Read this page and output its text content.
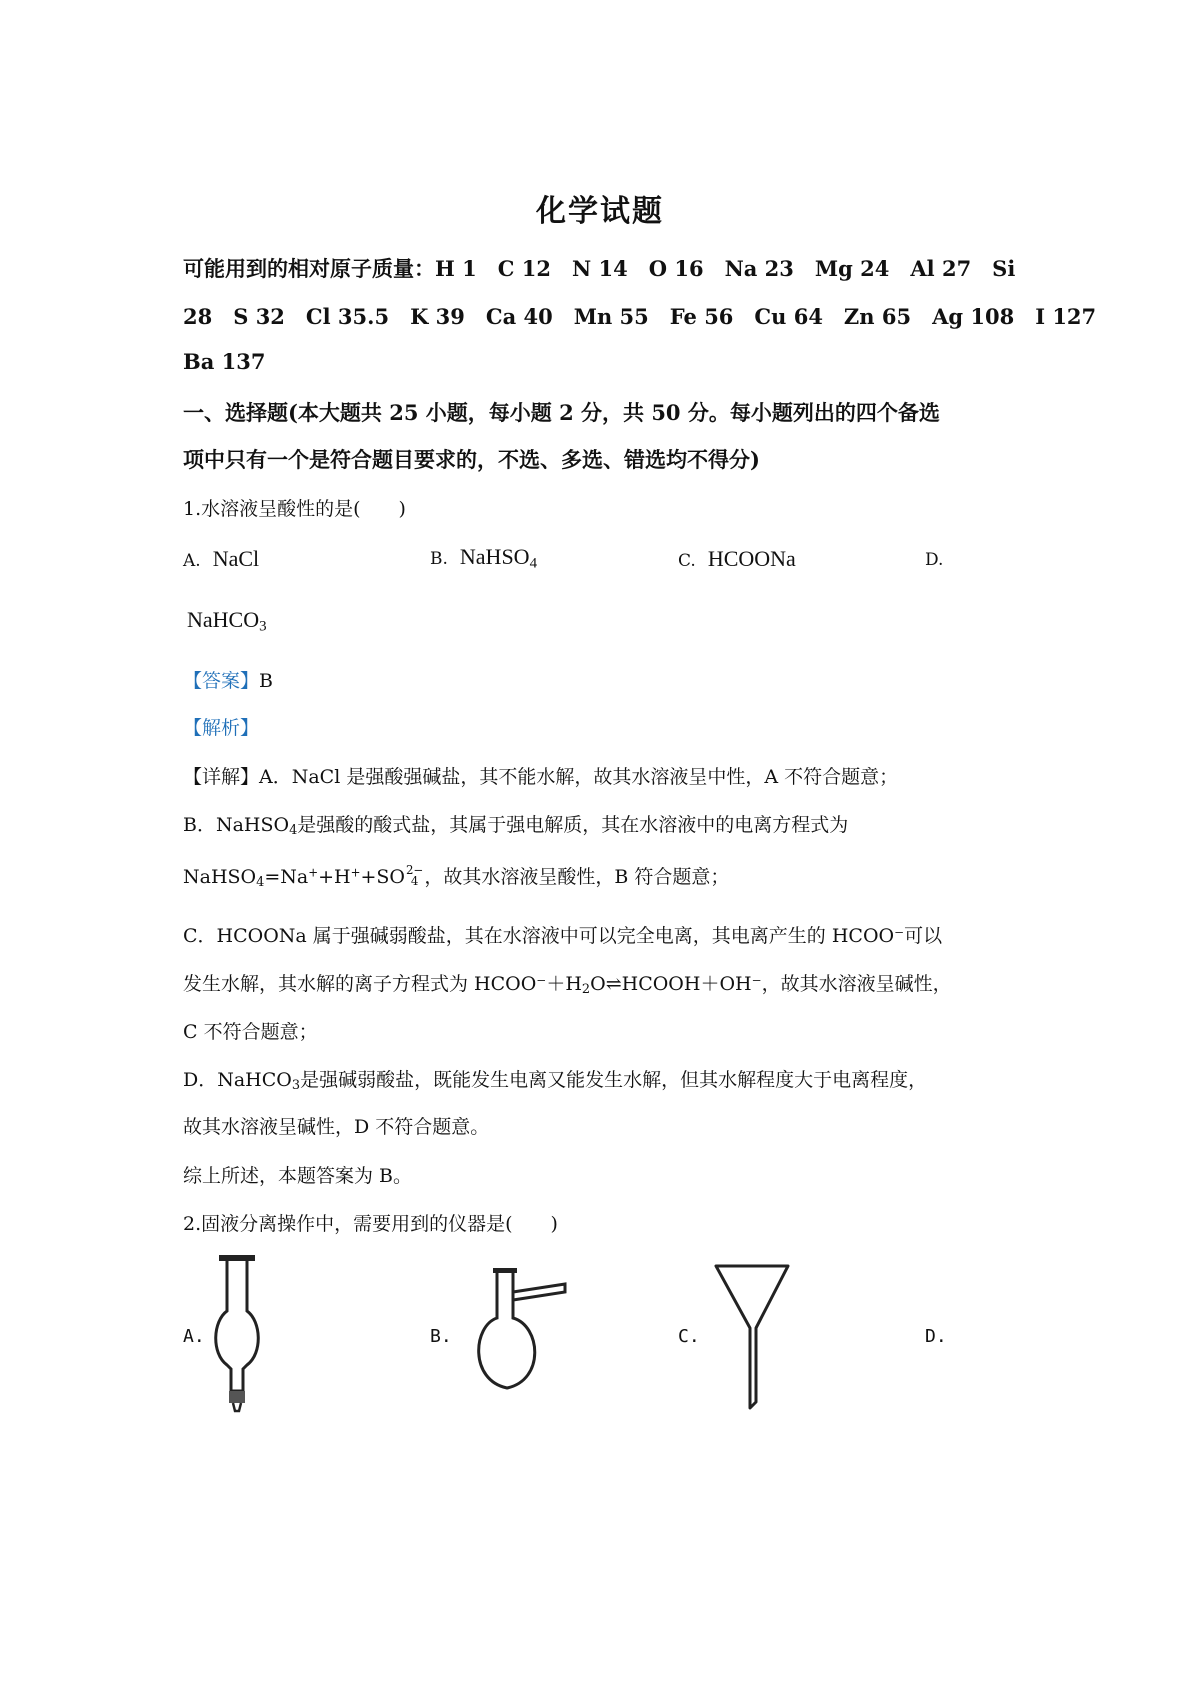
化学试题
可能用到的相对原子质量：H 1　C 12　N 14　O 16　Na 23　Mg 24　Al 27　Si
28　S 32　Cl 35.5　K 39　Ca 40　Mn 55　Fe 56　Cu 64　Zn 65　Ag 108　I 127
Ba 137
一、选择题(本大题共 25 小题，每小题 2 分，共 50 分。每小题列出的四个备选
项中只有一个是符合题目要求的，不选、多选、错选均不得分)
1.水溶液呈酸性的是(　　)
A. NaCl	B. NaHSO$_4$	C. HCOONa	D.
NaHCO$_3$
【答案】B
【解析】
【详解】A．NaCl 是强酸强碱盐，其不能水解，故其水溶液呈中性，A 不符合题意；
B．NaHSO$_4$是强酸的酸式盐，其属于强电解质，其在水溶液中的电离方程式为
NaHSO$_4$=Na++H++SO 2−
4 ，故其水溶液呈酸性，B 符合题意；
C．HCOONa 属于强碱弱酸盐，其在水溶液中可以完全电离，其电离产生的 HCOO⁻可以
发生水解，其水解的离子方程式为 $HCOO^-+H_2O\rightleftharpoons HCOOH+OH^-$，故其水溶液呈碱性，
C 不符合题意；
D．NaHCO$_3$是强碱弱酸盐，既能发生电离又能发生水解，但其水解程度大于电离程度，
故其水溶液呈碱性，D 不符合题意。
综上所述，本题答案为 B。
2.固液分离操作中，需要用到的仪器是(　　)
A.	B.	C.	D.
